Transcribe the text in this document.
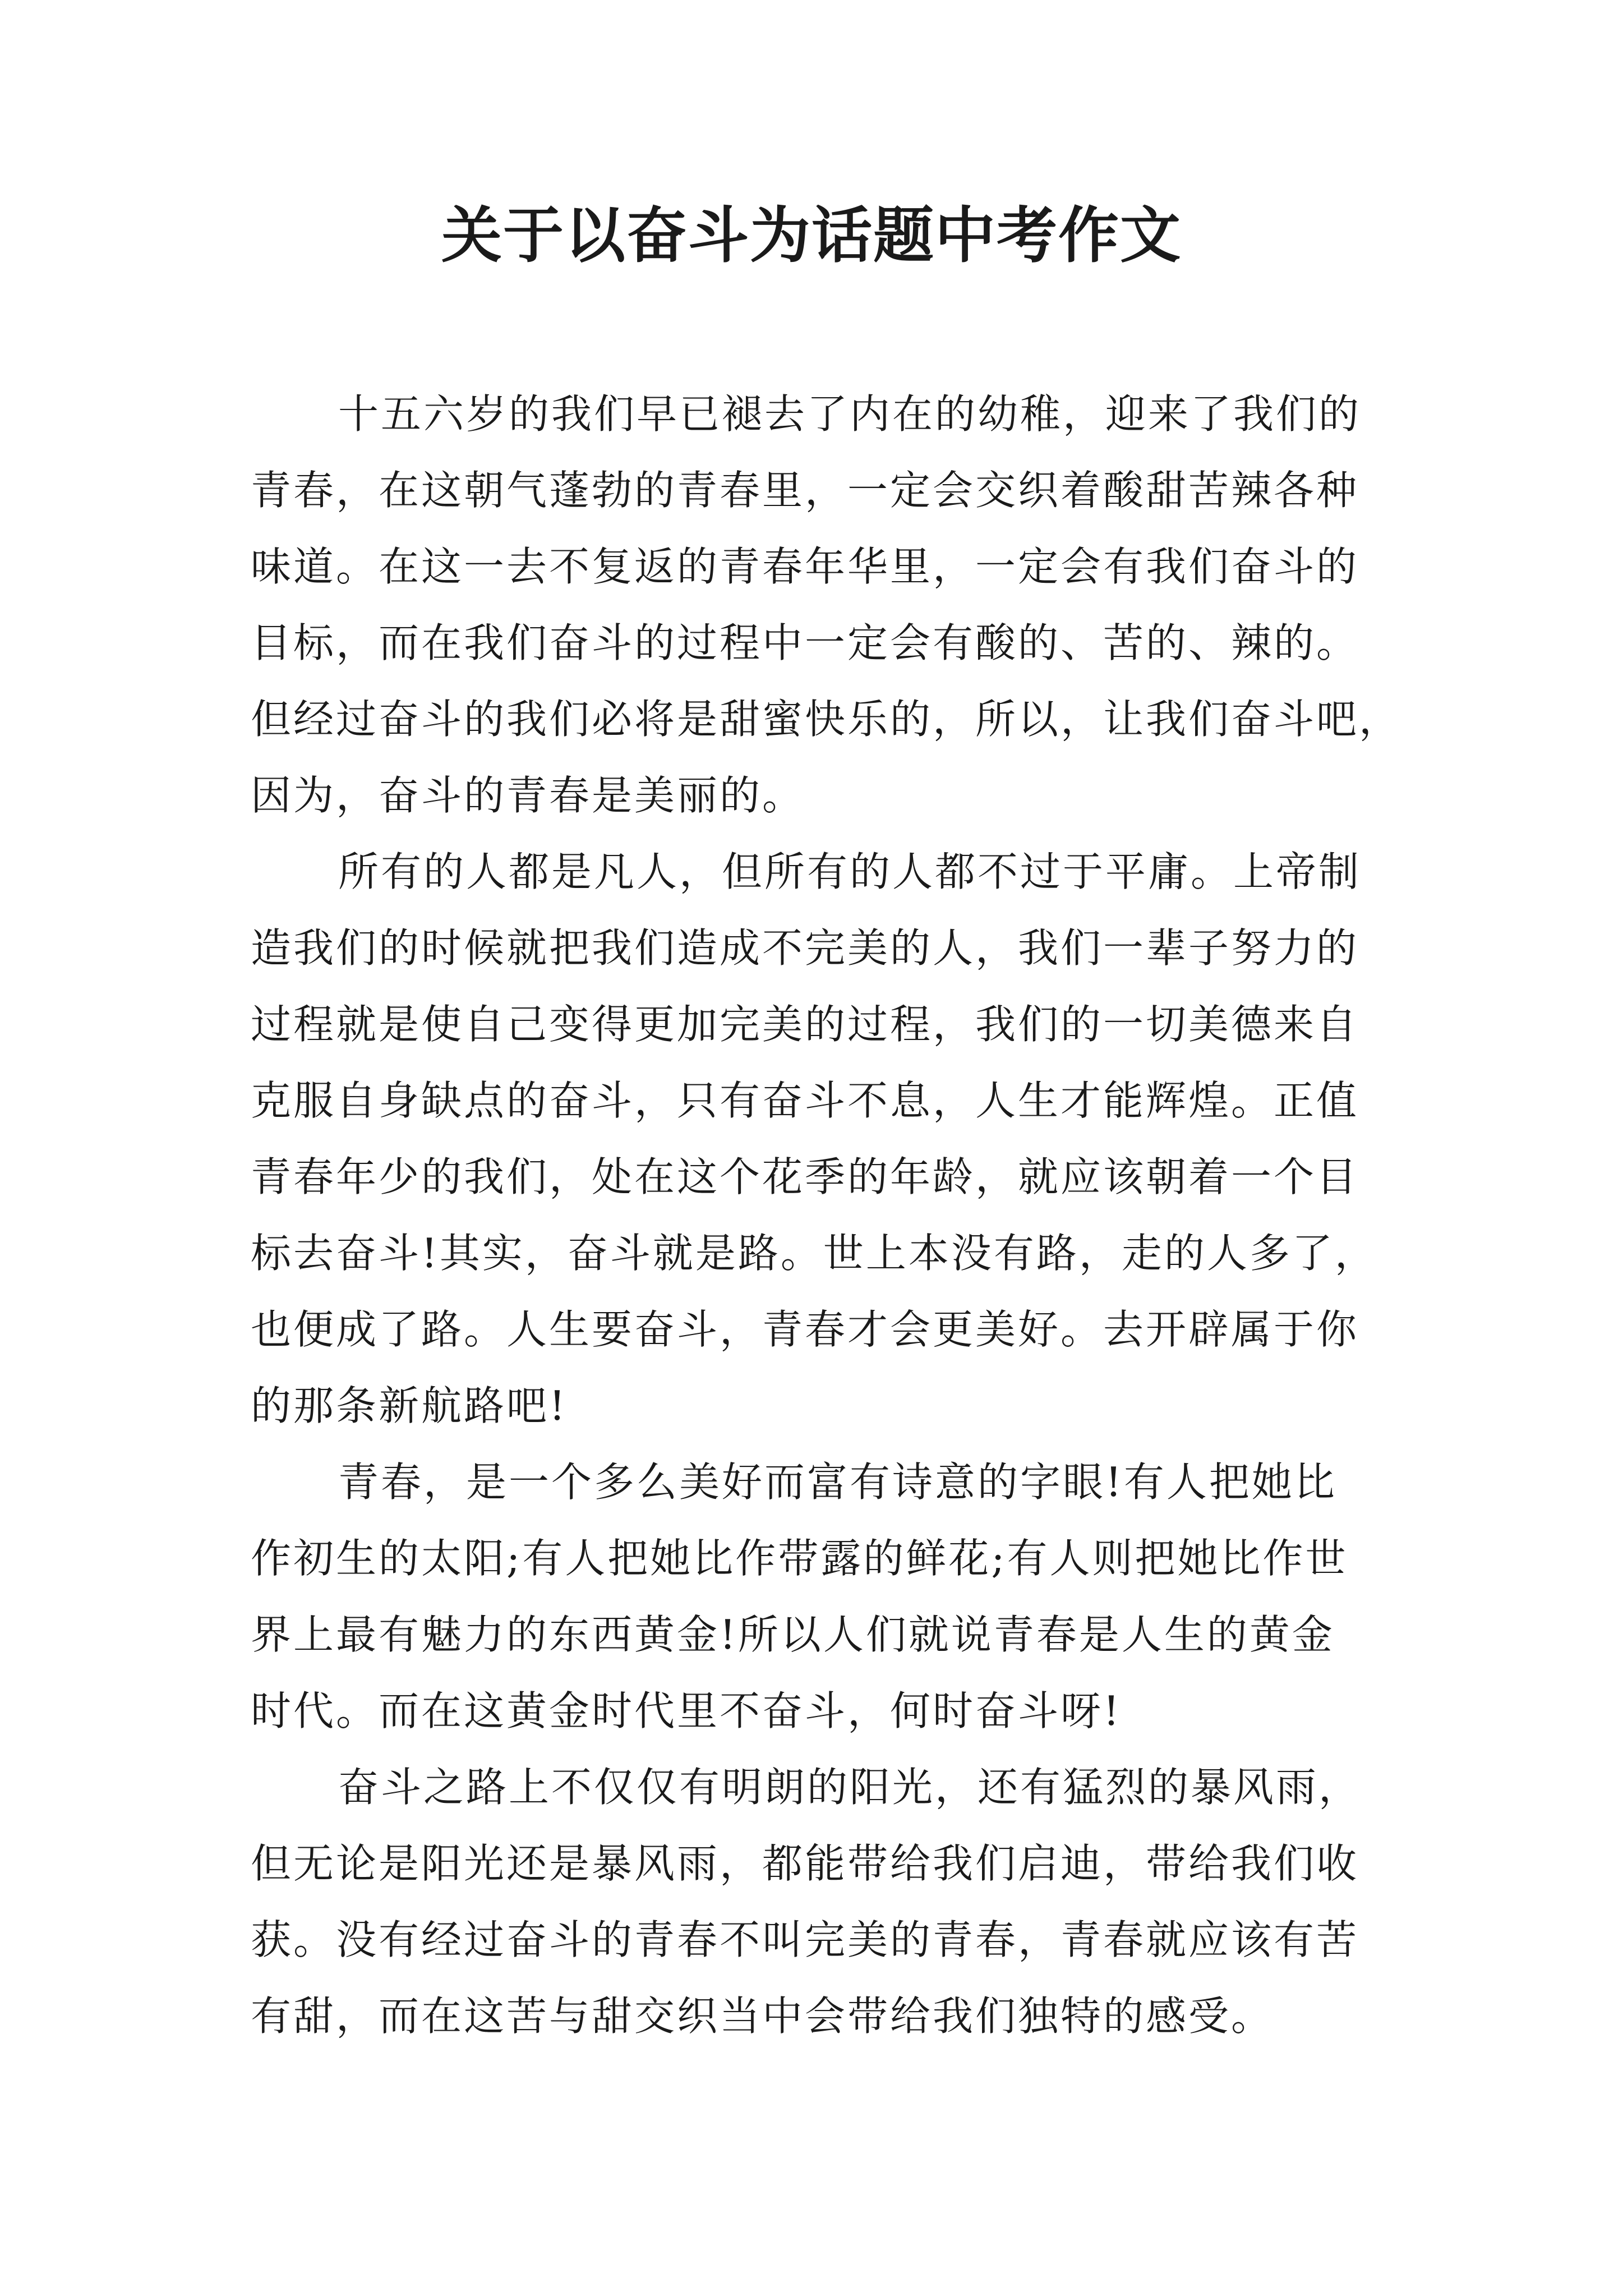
关于以奋斗为话题中考作文

十五六岁的我们早已褪去了内在的幼稚，迎来了我们的
青春，在这朝气蓬勃的青春里，一定会交织着酸甜苦辣各种
味道。在这一去不复返的青春年华里，一定会有我们奋斗的
目标，而在我们奋斗的过程中一定会有酸的、苦的、辣的。
但经过奋斗的我们必将是甜蜜快乐的，所以，让我们奋斗吧，
因为，奋斗的青春是美丽的。

所有的人都是凡人，但所有的人都不过于平庸。上帝制
造我们的时候就把我们造成不完美的人，我们一辈子努力的
过程就是使自己变得更加完美的过程，我们的一切美德来自
克服自身缺点的奋斗，只有奋斗不息，人生才能辉煌。正值
青春年少的我们，处在这个花季的年龄，就应该朝着一个目
标去奋斗!其实，奋斗就是路。世上本没有路，走的人多了，
也便成了路。人生要奋斗，青春才会更美好。去开辟属于你
的那条新航路吧!

青春，是一个多么美好而富有诗意的字眼!有人把她比
作初生的太阳;有人把她比作带露的鲜花;有人则把她比作世
界上最有魅力的东西黄金!所以人们就说青春是人生的黄金
时代。而在这黄金时代里不奋斗，何时奋斗呀!

奋斗之路上不仅仅有明朗的阳光，还有猛烈的暴风雨，
但无论是阳光还是暴风雨，都能带给我们启迪，带给我们收
获。没有经过奋斗的青春不叫完美的青春，青春就应该有苦
有甜，而在这苦与甜交织当中会带给我们独特的感受。
